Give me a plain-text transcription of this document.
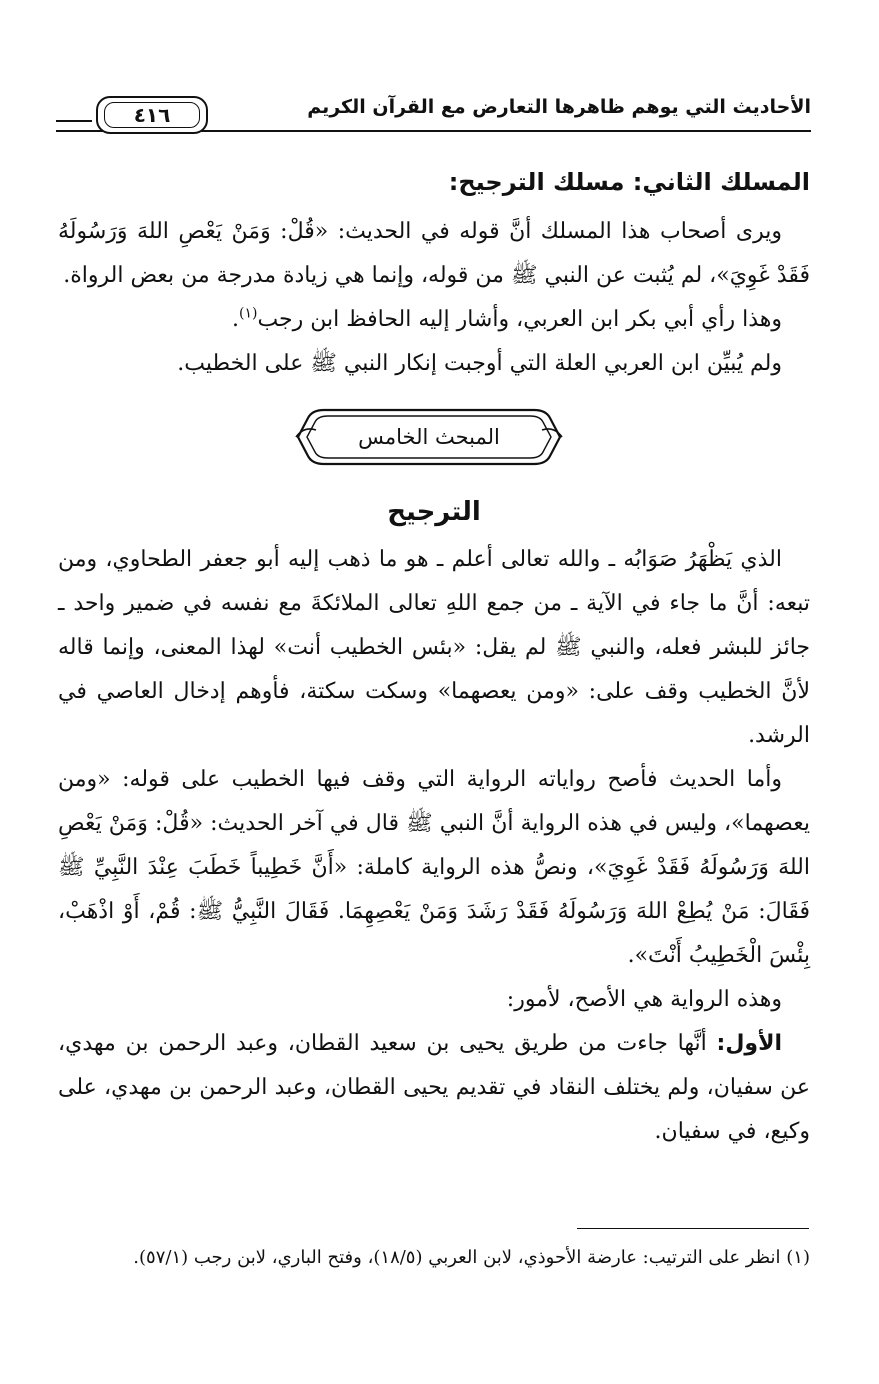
الأحاديث التي يوهم ظاهرها التعارض مع القرآن الكريم
٤١٦

المسلك الثاني: مسلك الترجيح:

ويرى أصحاب هذا المسلك أنَّ قوله في الحديث: «قُلْ: وَمَنْ يَعْصِ اللهَ وَرَسُولَهُ فَقَدْ غَوِيَ»، لم يُثبت عن النبي ﷺ من قوله، وإنما هي زيادة مدرجة من بعض الرواة.

وهذا رأي أبي بكر ابن العربي، وأشار إليه الحافظ ابن رجب$^{(١)}$.

ولم يُبيِّن ابن العربي العلة التي أوجبت إنكار النبي ﷺ على الخطيب.

المبحث الخامس

الترجيح

الذي يَظْهَرُ صَوَابُه ـ والله تعالى أعلم ـ هو ما ذهب إليه أبو جعفر الطحاوي، ومن تبعه: أنَّ ما جاء في الآية ـ من جمع اللهِ تعالى الملائكةَ مع نفسه في ضمير واحد ـ جائز للبشر فعله، والنبي ﷺ لم يقل: «بئس الخطيب أنت» لهذا المعنى، وإنما قاله لأنَّ الخطيب وقف على: «ومن يعصهما» وسكت سكتة، فأوهم إدخال العاصي في الرشد.

وأما الحديث فأصح رواياته الرواية التي وقف فيها الخطيب على قوله: «ومن يعصهما»، وليس في هذه الرواية أنَّ النبي ﷺ قال في آخر الحديث: «قُلْ: وَمَنْ يَعْصِ اللهَ وَرَسُولَهُ فَقَدْ غَوِيَ»، ونصُّ هذه الرواية كاملة: «أَنَّ خَطِيباً خَطَبَ عِنْدَ النَّبِيِّ ﷺ فَقَالَ: مَنْ يُطِعْ اللهَ وَرَسُولَهُ فَقَدْ رَشَدَ وَمَنْ يَعْصِهِمَا. فَقَالَ النَّبِيُّ ﷺ: قُمْ، أَوْ اذْهَبْ، بِئْسَ الْخَطِيبُ أَنْتَ».

وهذه الرواية هي الأصح، لأمور:

الأول: أنَّها جاءت من طريق يحيى بن سعيد القطان، وعبد الرحمن بن مهدي، عن سفيان، ولم يختلف النقاد في تقديم يحيى القطان، وعبد الرحمن بن مهدي، على وكيع، في سفيان.

(١) انظر على الترتيب: عارضة الأحوذي، لابن العربي (١٨/٥)، وفتح الباري، لابن رجب (٥٧/١).
